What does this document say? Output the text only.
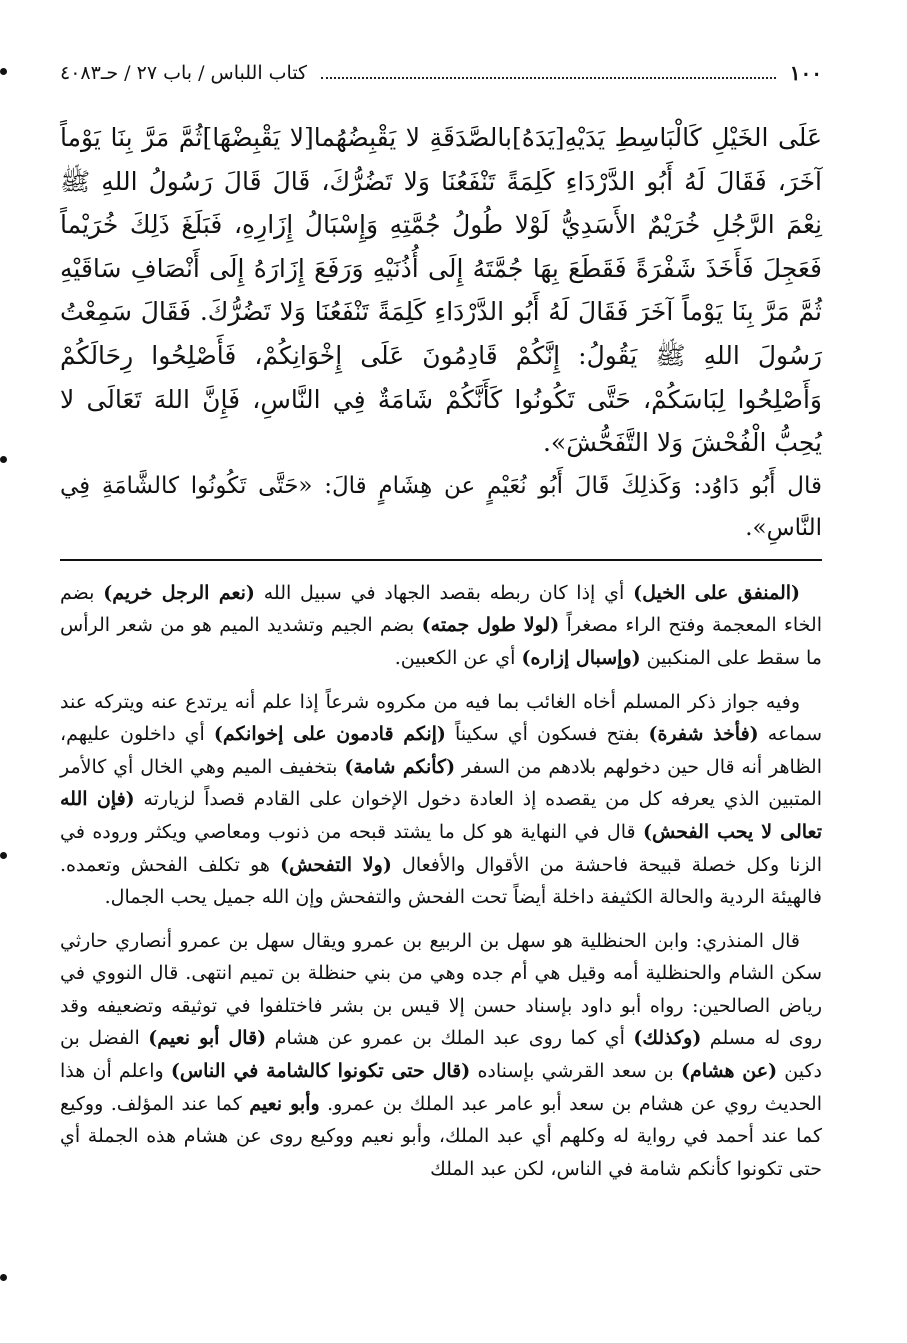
١٠٠
كتاب اللباس / باب ٢٧ / حـ٤٠٨٣

عَلَى الخَيْلِ كَالْبَاسِطِ يَدَيْهِ[يَدَهُ]بالصَّدَقَةِ لا يَقْبِضُهُما[لا يَقْبِضْهَا]ثُمَّ مَرَّ بِنَا يَوْماً آخَرَ، فَقَالَ لَهُ أَبُو الدَّرْدَاءِ كَلِمَةً تَنْفَعُنَا وَلا تَضُرُّكَ، قَالَ قَالَ رَسُولُ اللهِ ﷺ نِعْمَ الرَّجُلِ خُرَيْمٌ الأَسَدِيُّ لَوْلا طُولُ جُمَّتِهِ وَإِسْبَالُ إِزَارِهِ، فَبَلَغَ ذَلِكَ خُرَيْماً فَعَجِلَ فَأَخَذَ شَفْرَةً فَقَطَعَ بِهَا جُمَّتَهُ إِلَى أُذُنَيْهِ وَرَفَعَ إِزَارَهُ إِلَى أَنْصَافِ سَاقَيْهِ ثُمَّ مَرَّ بِنَا يَوْماً آخَرَ فَقَالَ لَهُ أَبُو الدَّرْدَاءِ كَلِمَةً تَنْفَعُنَا وَلا تَضُرُّكَ. فَقَالَ سَمِعْتُ رَسُولَ اللهِ ﷺ يَقُولُ: إِنَّكُمْ قَادِمُونَ عَلَى إِخْوَانِكُمْ، فَأَصْلِحُوا رِحَالَكُمْ وَأَصْلِحُوا لِبَاسَكُمْ، حَتَّى تَكُونُوا كَأَنَّكُمْ شَامَةٌ فِي النَّاسِ، فَإِنَّ اللهَ تَعَالَى لا يُحِبُّ الْفُحْشَ وَلا التَّفَحُّشَ».

قال أَبُو دَاوُد: وَكَذلِكَ قَالَ أَبُو نُعَيْمٍ عن هِشَامٍ قالَ: «حَتَّى تَكُونُوا كالشَّامَةِ فِي النَّاسِ».

(المنفق على الخيل) أي إذا كان ربطه بقصد الجهاد في سبيل الله (نعم الرجل خريم) بضم الخاء المعجمة وفتح الراء مصغراً (لولا طول جمته) بضم الجيم وتشديد الميم هو من شعر الرأس ما سقط على المنكبين (وإسبال إزاره) أي عن الكعبين.

وفيه جواز ذكر المسلم أخاه الغائب بما فيه من مكروه شرعاً إذا علم أنه يرتدع عنه ويتركه عند سماعه (فأخذ شفرة) بفتح فسكون أي سكيناً (إنكم قادمون على إخوانكم) أي داخلون عليهم، الظاهر أنه قال حين دخولهم بلادهم من السفر (كأنكم شامة) بتخفيف الميم وهي الخال أي كالأمر المتبين الذي يعرفه كل من يقصده إذ العادة دخول الإخوان على القادم قصداً لزيارته (فإن الله تعالى لا يحب الفحش) قال في النهاية هو كل ما يشتد قبحه من ذنوب ومعاصي ويكثر وروده في الزنا وكل خصلة قبيحة فاحشة من الأقوال والأفعال (ولا التفحش) هو تكلف الفحش وتعمده. فالهيئة الردية والحالة الكثيفة داخلة أيضاً تحت الفحش والتفحش وإن الله جميل يحب الجمال.

قال المنذري: وابن الحنظلية هو سهل بن الربيع بن عمرو ويقال سهل بن عمرو أنصاري حارثي سكن الشام والحنظلية أمه وقيل هي أم جده وهي من بني حنظلة بن تميم انتهى. قال النووي في رياض الصالحين: رواه أبو داود بإسناد حسن إلا قيس بن بشر فاختلفوا في توثيقه وتضعيفه وقد روى له مسلم (وكذلك) أي كما روى عبد الملك بن عمرو عن هشام (قال أبو نعيم) الفضل بن دكين (عن هشام) بن سعد القرشي بإسناده (قال حتى تكونوا كالشامة في الناس) واعلم أن هذا الحديث روي عن هشام بن سعد أبو عامر عبد الملك بن عمرو. وأبو نعيم كما عند المؤلف. ووكيع كما عند أحمد في رواية له وكلهم أي عبد الملك، وأبو نعيم ووكيع روى عن هشام هذه الجملة أي حتى تكونوا كأنكم شامة في الناس، لكن عبد الملك
